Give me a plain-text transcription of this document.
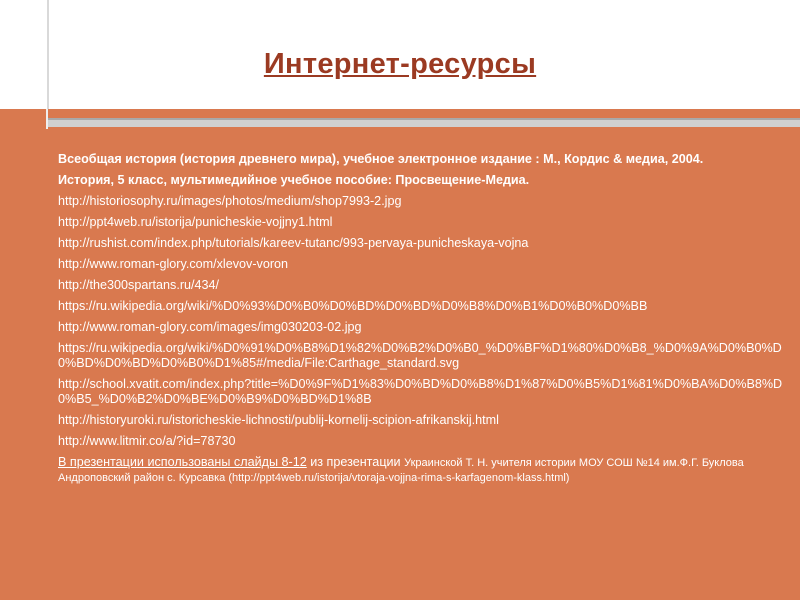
Интернет-ресурсы
Всеобщая история (история древнего мира), учебное электронное издание : М., Кордис & медиа, 2004.
История, 5 класс, мультимедийное учебное пособие: Просвещение-Медиа.
http://historiosophy.ru/images/photos/medium/shop7993-2.jpg
http://ppt4web.ru/istorija/punicheskie-vojjny1.html
http://rushist.com/index.php/tutorials/kareev-tutanc/993-pervaya-punicheskaya-vojna
http://www.roman-glory.com/xlevov-voron
http://the300spartans.ru/434/
https://ru.wikipedia.org/wiki/%D0%93%D0%B0%D0%BD%D0%BD%D0%B8%D0%B1%D0%B0%D0%BB
http://www.roman-glory.com/images/img030203-02.jpg
https://ru.wikipedia.org/wiki/%D0%91%D0%B8%D1%82%D0%B2%D0%B0_%D0%BF%D1%80%D0%B8_%D0%9A%D0%B0%D0%BD%D0%BD%D0%B0%D1%85#/media/File:Carthage_standard.svg
http://school.xvatit.com/index.php?title=%D0%9F%D1%83%D0%BD%D0%B8%D1%87%D0%B5%D1%81%D0%BA%D0%B8%D0%B5_%D0%B2%D0%BE%D0%B9%D0%BD%D1%8B
http://historyuroki.ru/istoricheskie-lichnosti/publij-kornelij-scipion-afrikanskij.html
http://www.litmir.co/a/?id=78730
В презентации использованы слайды 8-12 из презентации Украинской Т. Н. учителя истории МОУ СОШ №14 им.Ф.Г. Буклова Андроповский район с. Курсавка (http://ppt4web.ru/istorija/vtoraja-vojjna-rima-s-karfagenom-klass.html)
